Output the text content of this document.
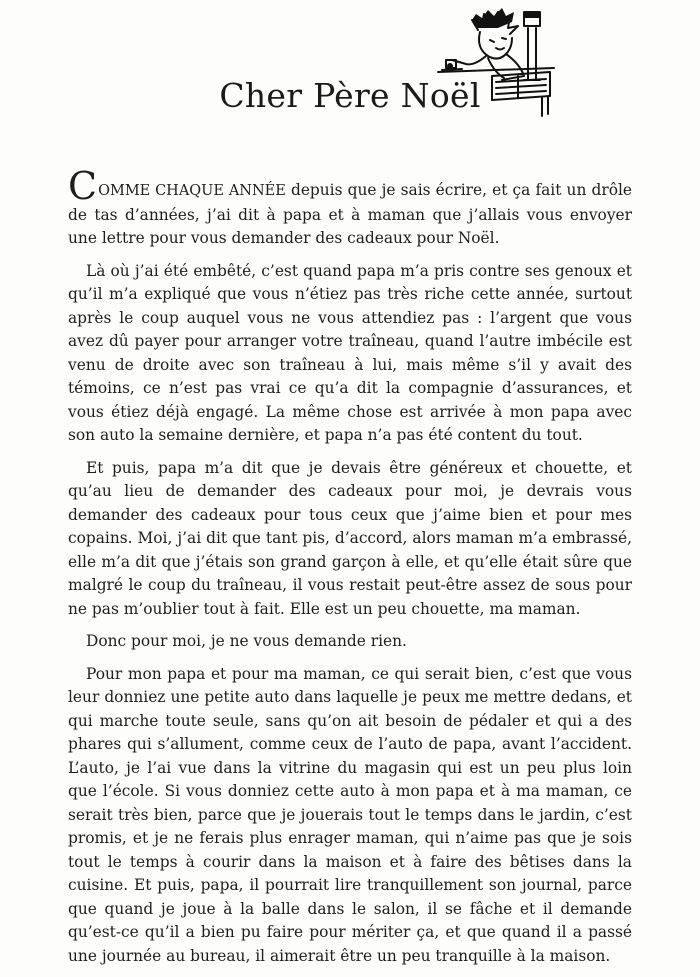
Cher Père Noël

COMME CHAQUE ANNÉE depuis que je sais écrire, et ça fait un drôle de tas d’années, j’ai dit à papa et à maman que j’allais vous envoyer une lettre pour vous demander des cadeaux pour Noël.

Là où j’ai été embêté, c’est quand papa m’a pris contre ses genoux et qu’il m’a expliqué que vous n’étiez pas très riche cette année, surtout après le coup auquel vous ne vous attendiez pas : l’argent que vous avez dû payer pour arranger votre traîneau, quand l’autre imbécile est venu de droite avec son traîneau à lui, mais même s’il y avait des témoins, ce n’est pas vrai ce qu’a dit la compagnie d’assurances, et vous étiez déjà engagé. La même chose est arrivée à mon papa avec son auto la semaine dernière, et papa n’a pas été content du tout.

Et puis, papa m’a dit que je devais être généreux et chouette, et qu’au lieu de demander des cadeaux pour moi, je devrais vous demander des cadeaux pour tous ceux que j’aime bien et pour mes copains. Moi, j’ai dit que tant pis, d’accord, alors maman m’a embrassé, elle m’a dit que j’étais son grand garçon à elle, et qu’elle était sûre que malgré le coup du traîneau, il vous restait peut-être assez de sous pour ne pas m’oublier tout à fait. Elle est un peu chouette, ma maman.

Donc pour moi, je ne vous demande rien.

Pour mon papa et pour ma maman, ce qui serait bien, c’est que vous leur donniez une petite auto dans laquelle je peux me mettre dedans, et qui marche toute seule, sans qu’on ait besoin de pédaler et qui a des phares qui s’allument, comme ceux de l’auto de papa, avant l’accident. L’auto, je l’ai vue dans la vitrine du magasin qui est un peu plus loin que l’école. Si vous donniez cette auto à mon papa et à ma maman, ce serait très bien, parce que je jouerais tout le temps dans le jardin, c’est promis, et je ne ferais plus enrager maman, qui n’aime pas que je sois tout le temps à courir dans la maison et à faire des bêtises dans la cuisine. Et puis, papa, il pourrait lire tranquillement son journal, parce que quand je joue à la balle dans le salon, il se fâche et il demande qu’est-ce qu’il a bien pu faire pour mériter ça, et que quand il a passé une journée au bureau, il aimerait être un peu tranquille à la maison.
